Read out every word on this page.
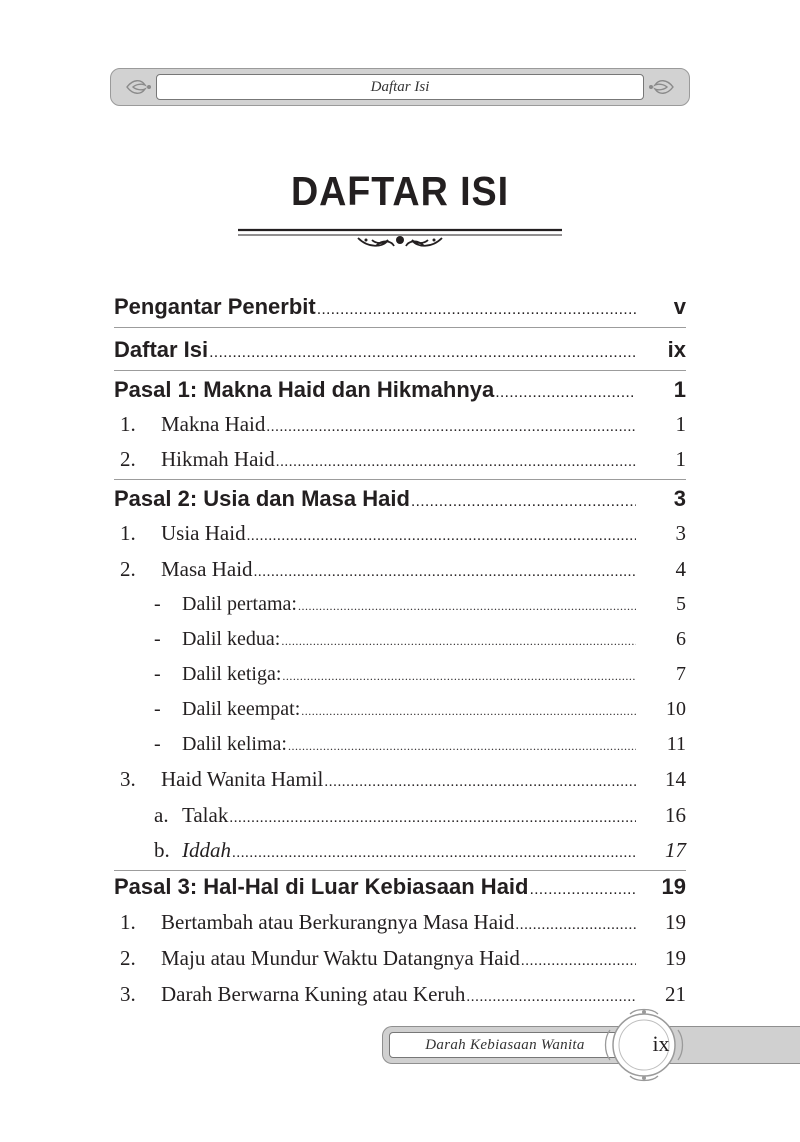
Daftar Isi
DAFTAR ISI
Pengantar Penerbit .....	v
Daftar Isi .....	ix
Pasal 1: Makna Haid dan Hikmahnya .....	1
1.	Makna Haid .....	1
2.	Hikmah Haid .....	1
Pasal 2: Usia dan Masa Haid .....	3
1.	Usia Haid .....	3
2.	Masa Haid .....	4
-	Dalil pertama: .....	5
-	Dalil kedua: .....	6
-	Dalil ketiga: .....	7
-	Dalil keempat: .....	10
-	Dalil kelima: .....	11
3.	Haid Wanita Hamil .....	14
a. Talak .....	16
b. Iddah .....	17
Pasal 3: Hal-Hal di Luar Kebiasaan Haid .....	19
1.	Bertambah atau Berkurangnya Masa Haid .....	19
2.	Maju atau Mundur Waktu Datangnya Haid .....	19
3.	Darah Berwarna Kuning atau Keruh .....	21
Darah Kebiasaan Wanita	ix
